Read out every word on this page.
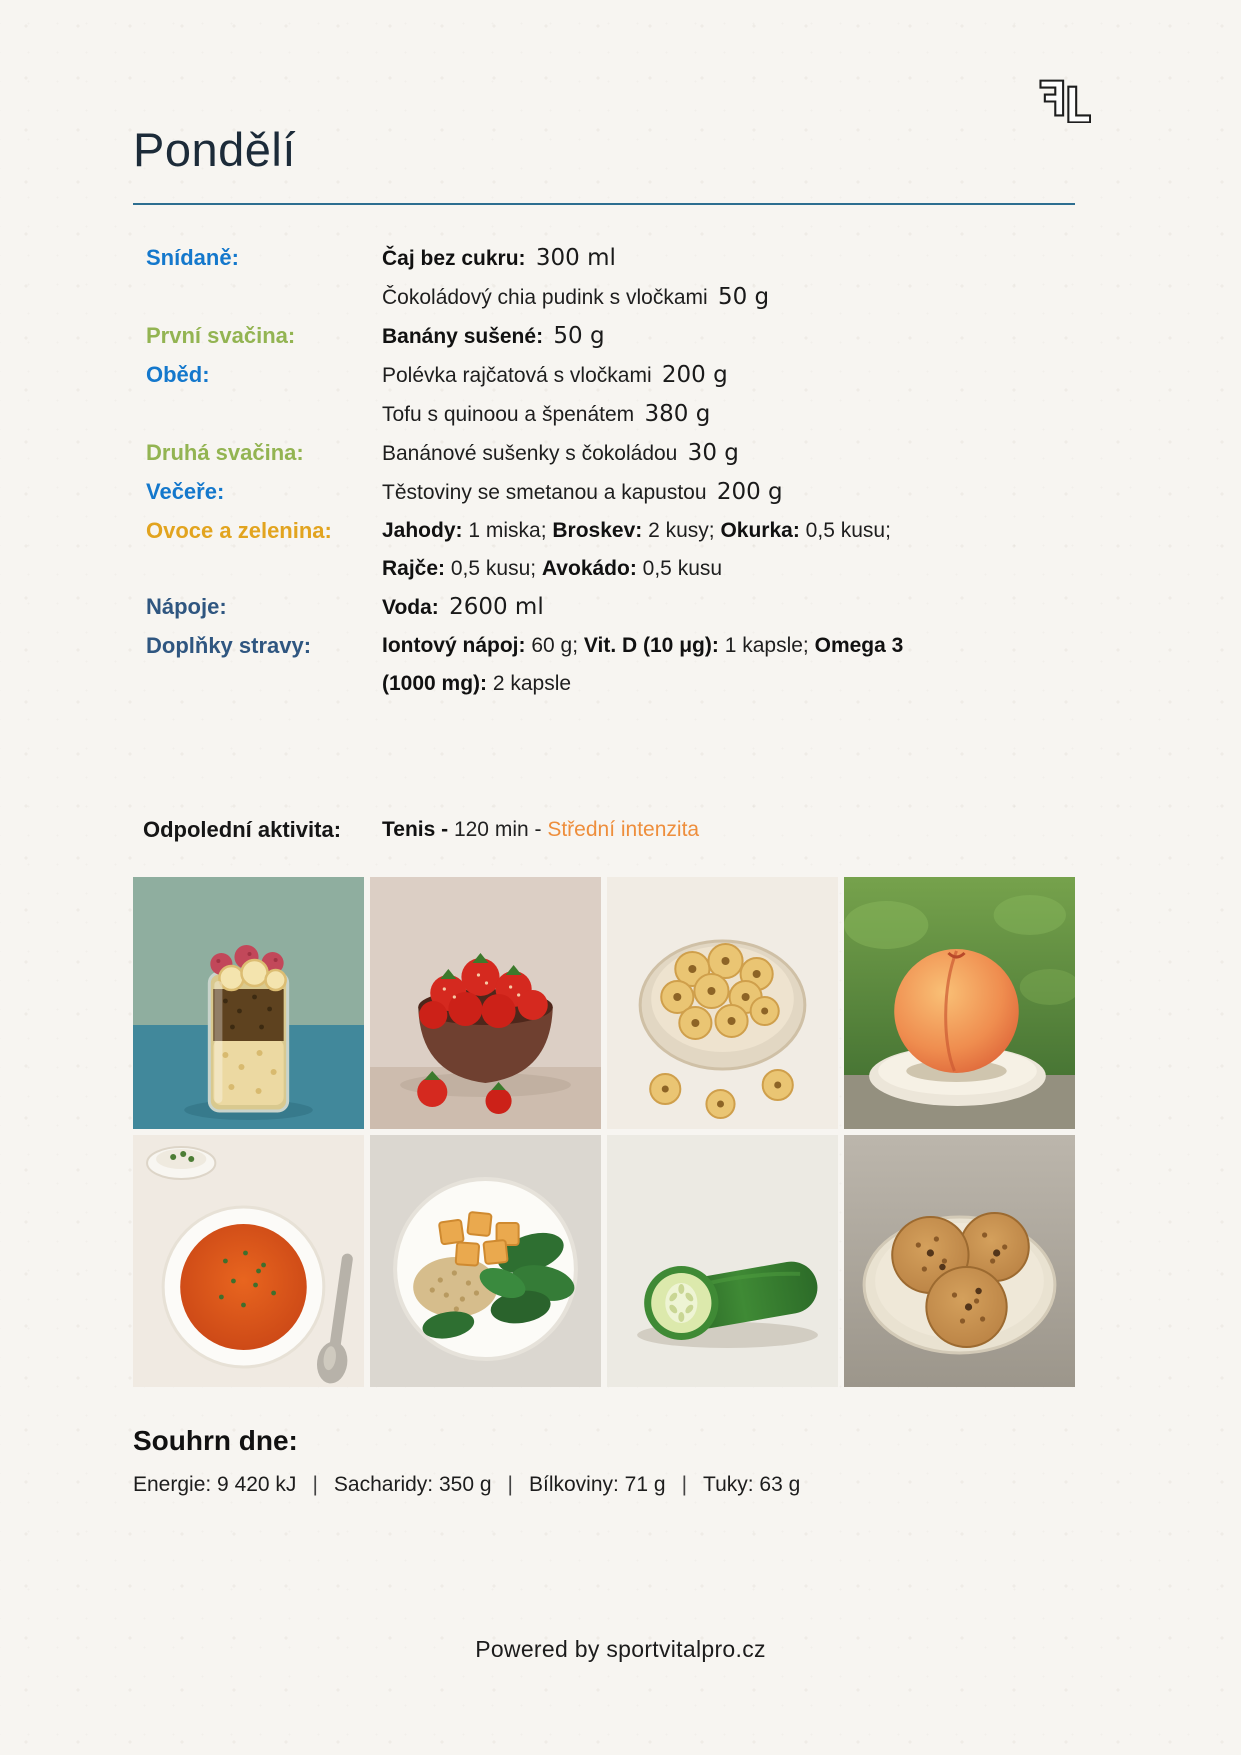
Pondělí
Snídaně:	Čaj bez cukru: 300 ml
Čokoládový chia pudink s vločkami 50 g
První svačina:	Banány sušené: 50 g
Oběd:	Polévka rajčatová s vločkami 200 g
Tofu s quinoou a špenátem 380 g
Druhá svačina:	Banánové sušenky s čokoládou 30 g
Večeře:	Těstoviny se smetanou a kapustou 200 g
Ovoce a zelenina:	Jahody: 1 miska; Broskev: 2 kusy; Okurka: 0,5 kusu;
Rajče: 0,5 kusu; Avokádo: 0,5 kusu
Nápoje:	Voda: 2600 ml
Doplňky stravy:	Iontový nápoj: 60 g; Vit. D (10 μg): 1 kapsle; Omega 3
(1000 mg): 2 kapsle
Odpolední aktivita:	Tenis - 120 min - Střední intenzita
Souhrn dne:
Energie: 9 420 kJ | Sacharidy: 350 g | Bílkoviny: 71 g | Tuky: 63 g
Powered by sportvitalpro.cz
